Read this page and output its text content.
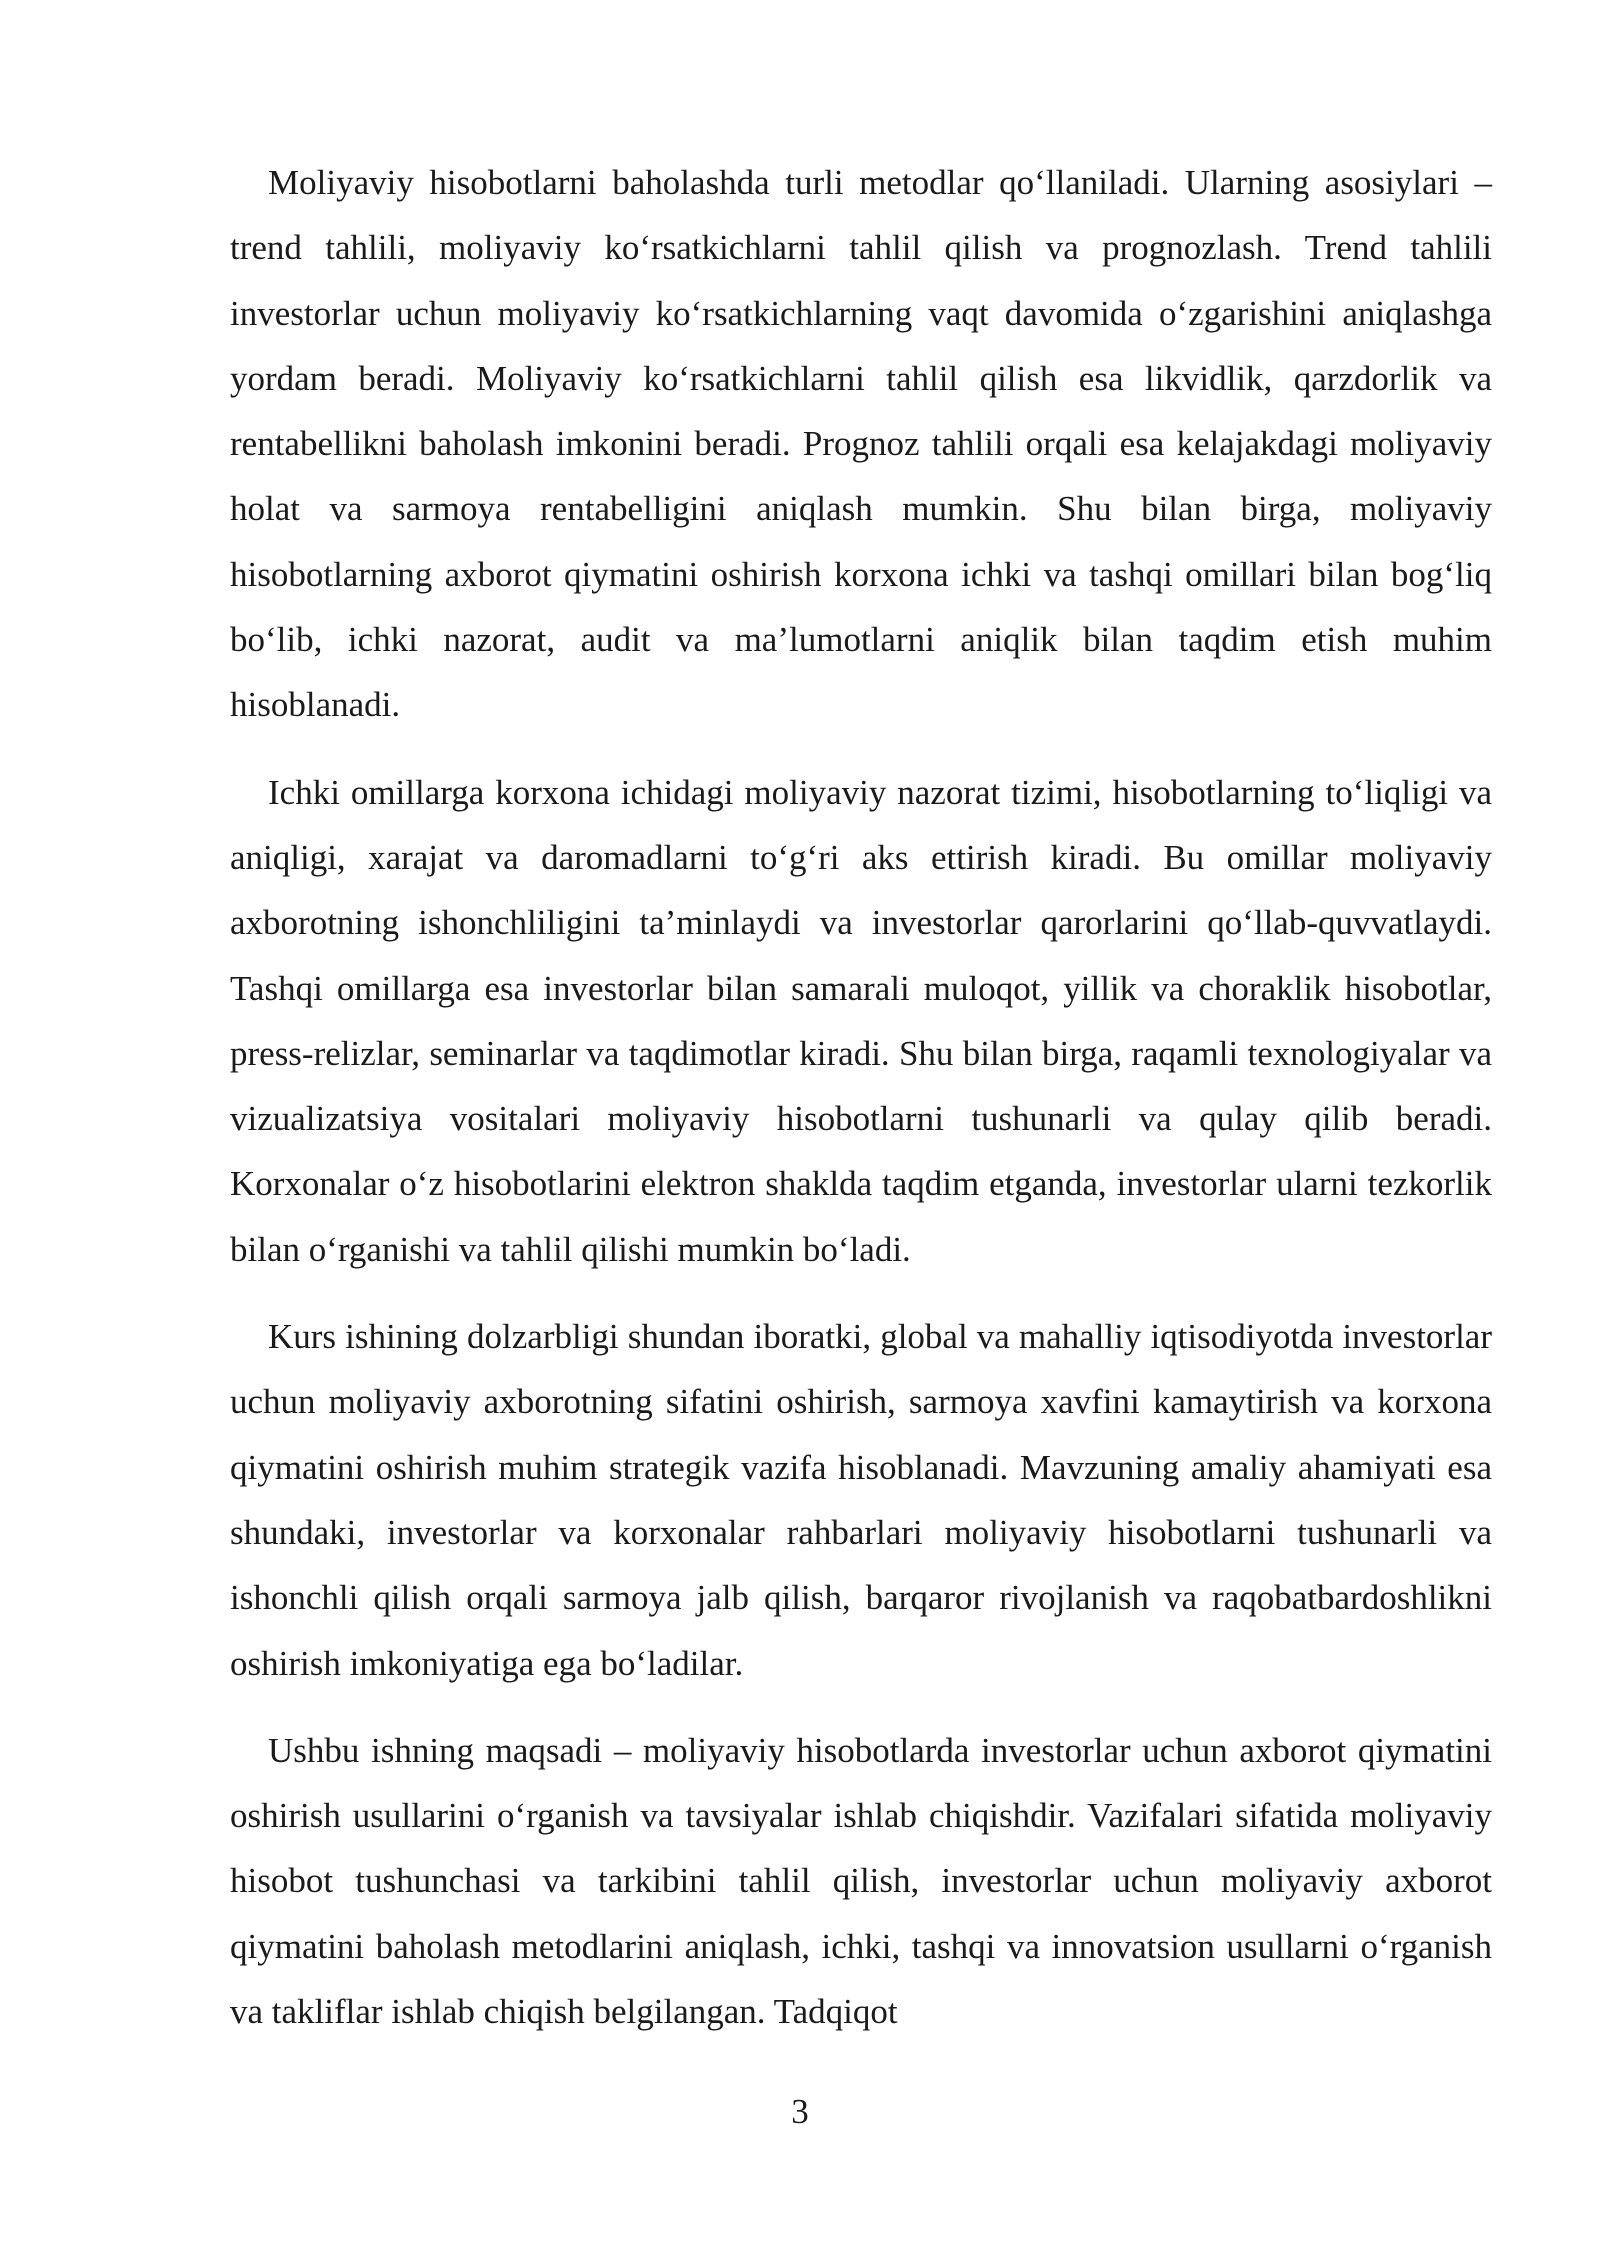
Moliyaviy hisobotlarni baholashda turli metodlar qo‘llaniladi. Ularning asosiylari – trend tahlili, moliyaviy ko‘rsatkichlarni tahlil qilish va prognozlash. Trend tahlili investorlar uchun moliyaviy ko‘rsatkichlarning vaqt davomida o‘zgarishini aniqlashga yordam beradi. Moliyaviy ko‘rsatkichlarni tahlil qilish esa likvidlik, qarzdorlik va rentabellikni baholash imkonini beradi. Prognoz tahlili orqali esa kelajakdagi moliyaviy holat va sarmoya rentabelligini aniqlash mumkin. Shu bilan birga, moliyaviy hisobotlarning axborot qiymatini oshirish korxona ichki va tashqi omillari bilan bog‘liq bo‘lib, ichki nazorat, audit va ma’lumotlarni aniqlik bilan taqdim etish muhim hisoblanadi.

Ichki omillarga korxona ichidagi moliyaviy nazorat tizimi, hisobotlarning to‘liqligi va aniqligi, xarajat va daromadlarni to‘g‘ri aks ettirish kiradi. Bu omillar moliyaviy axborotning ishonchliligini ta’minlaydi va investorlar qarorlarini qo‘llab-quvvatlaydi. Tashqi omillarga esa investorlar bilan samarali muloqot, yillik va choraklik hisobotlar, press-relizlar, seminarlar va taqdimotlar kiradi. Shu bilan birga, raqamli texnologiyalar va vizualizatsiya vositalari moliyaviy hisobotlarni tushunarli va qulay qilib beradi. Korxonalar o‘z hisobotlarini elektron shaklda taqdim etganda, investorlar ularni tezkorlik bilan o‘rganishi va tahlil qilishi mumkin bo‘ladi.

Kurs ishining dolzarbligi shundan iboratki, global va mahalliy iqtisodiyotda investorlar uchun moliyaviy axborotning sifatini oshirish, sarmoya xavfini kamaytirish va korxona qiymatini oshirish muhim strategik vazifa hisoblanadi. Mavzuning amaliy ahamiyati esa shundaki, investorlar va korxonalar rahbarlari moliyaviy hisobotlarni tushunarli va ishonchli qilish orqali sarmoya jalb qilish, barqaror rivojlanish va raqobatbardoshlikni oshirish imkoniyatiga ega bo‘ladilar.

Ushbu ishning maqsadi – moliyaviy hisobotlarda investorlar uchun axborot qiymatini oshirish usullarini o‘rganish va tavsiyalar ishlab chiqishdir. Vazifalari sifatida moliyaviy hisobot tushunchasi va tarkibini tahlil qilish, investorlar uchun moliyaviy axborot qiymatini baholash metodlarini aniqlash, ichki, tashqi va innovatsion usullarni o‘rganish va takliflar ishlab chiqish belgilangan. Tadqiqot

3
